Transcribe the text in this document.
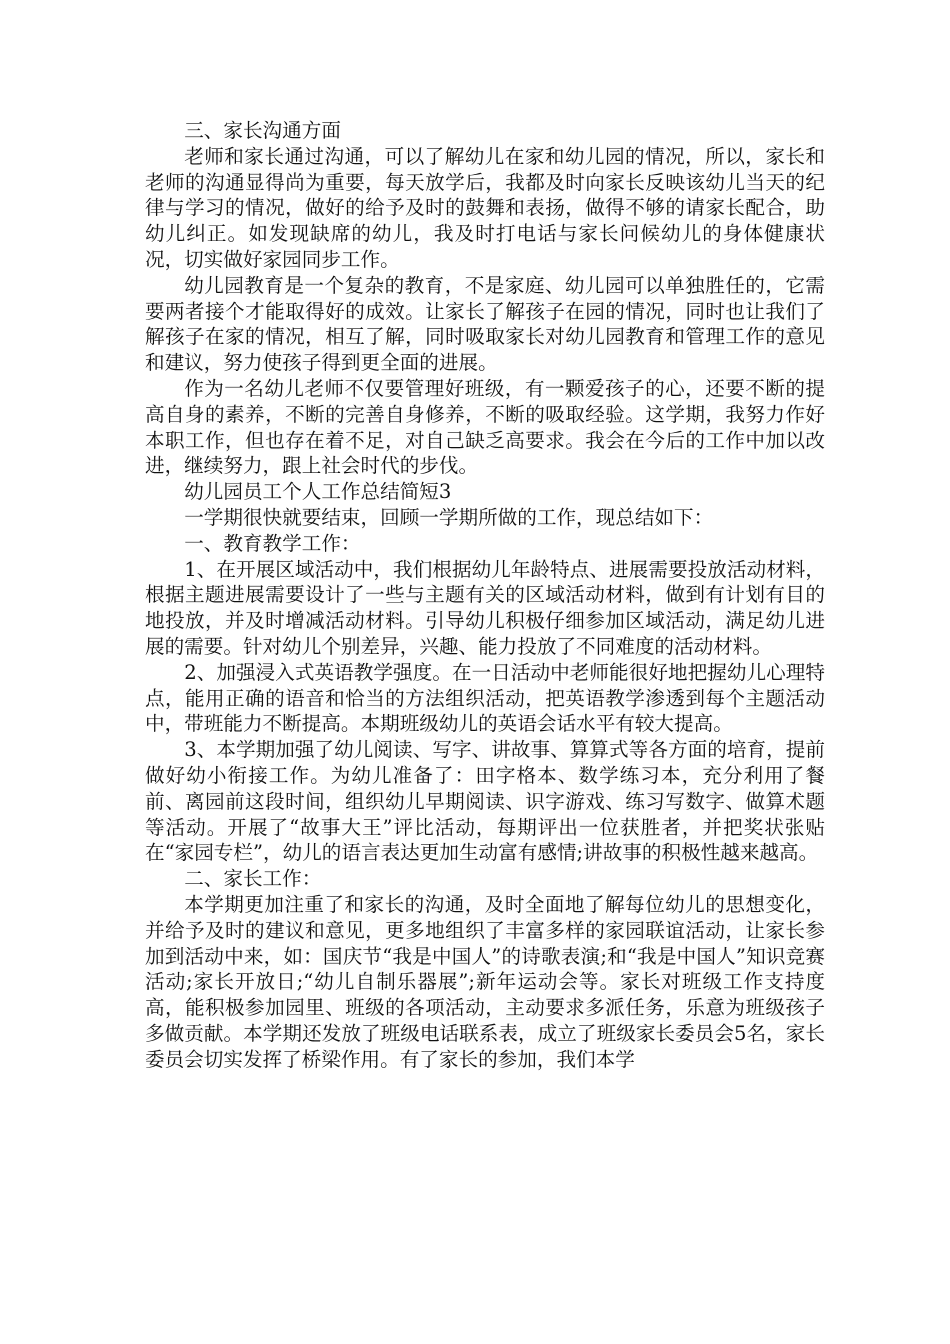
三、家长沟通方面

老师和家长通过沟通，可以了解幼儿在家和幼儿园的情况，所以，家长和老师的沟通显得尚为重要，每天放学后，我都及时向家长反映该幼儿当天的纪律与学习的情况，做好的给予及时的鼓舞和表扬，做得不够的请家长配合，助幼儿纠正。如发现缺席的幼儿，我及时打电话与家长问候幼儿的身体健康状况，切实做好家园同步工作。

幼儿园教育是一个复杂的教育，不是家庭、幼儿园可以单独胜任的，它需要两者接个才能取得好的成效。让家长了解孩子在园的情况，同时也让我们了解孩子在家的情况，相互了解，同时吸取家长对幼儿园教育和管理工作的意见和建议，努力使孩子得到更全面的进展。

作为一名幼儿老师不仅要管理好班级，有一颗爱孩子的心，还要不断的提高自身的素养，不断的完善自身修养，不断的吸取经验。这学期，我努力作好本职工作，但也存在着不足，对自己缺乏高要求。我会在今后的工作中加以改进，继续努力，跟上社会时代的步伐。

幼儿园员工个人工作总结简短3

一学期很快就要结束，回顾一学期所做的工作，现总结如下：

一、教育教学工作：

1、在开展区域活动中，我们根据幼儿年龄特点、进展需要投放活动材料，根据主题进展需要设计了一些与主题有关的区域活动材料，做到有计划有目的地投放，并及时增减活动材料。引导幼儿积极仔细参加区域活动，满足幼儿进展的需要。针对幼儿个别差异，兴趣、能力投放了不同难度的活动材料。

2、加强浸入式英语教学强度。在一日活动中老师能很好地把握幼儿心理特点，能用正确的语音和恰当的方法组织活动，把英语教学渗透到每个主题活动中，带班能力不断提高。本期班级幼儿的英语会话水平有较大提高。

3、本学期加强了幼儿阅读、写字、讲故事、算算式等各方面的培育，提前做好幼小衔接工作。为幼儿准备了：田字格本、数学练习本，充分利用了餐前、离园前这段时间，组织幼儿早期阅读、识字游戏、练习写数字、做算术题等活动。开展了“故事大王”评比活动，每期评出一位获胜者，并把奖状张贴在“家园专栏”，幼儿的语言表达更加生动富有感情;讲故事的积极性越来越高。

二、家长工作：

本学期更加注重了和家长的沟通，及时全面地了解每位幼儿的思想变化，并给予及时的建议和意见，更多地组织了丰富多样的家园联谊活动，让家长参加到活动中来，如：国庆节“我是中国人”的诗歌表演;和“我是中国人”知识竞赛活动;家长开放日;“幼儿自制乐器展”;新年运动会等。家长对班级工作支持度高，能积极参加园里、班级的各项活动，主动要求多派任务，乐意为班级孩子多做贡献。本学期还发放了班级电话联系表，成立了班级家长委员会5名，家长委员会切实发挥了桥梁作用。有了家长的参加，我们本学
